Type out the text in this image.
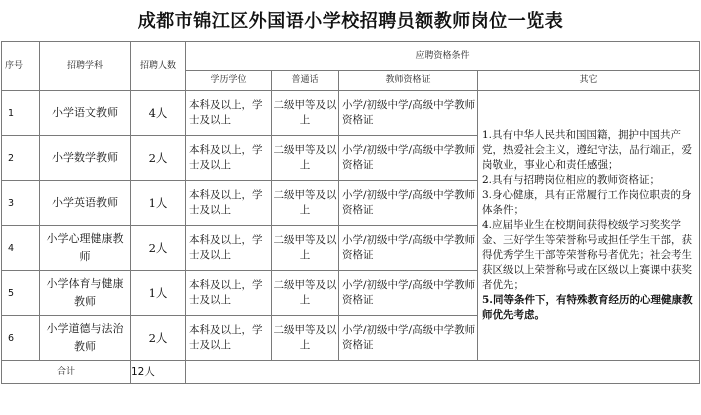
成都市锦江区外国语小学校招聘员额教师岗位一览表
序号	招聘学科	招聘人数	应聘资格条件			
			学历学位	普通话	教师资格证	其它
1	小学语文教师	4人	本科及以上，学士及以上	二级甲等及以上	小学/初级中学/高级中学教师资格证	1.具有中华人民共和国国籍，拥护中国共产党，热爱社会主义，遵纪守法，品行端正，爱岗敬业，事业心和责任感强；
2.具有与招聘岗位相应的教师资格证；
3.身心健康，具有正常履行工作岗位职责的身体条件；
4.应届毕业生在校期间获得校级学习奖奖学金、三好学生等荣誉称号或担任学生干部，获得优秀学生干部等荣誉称号者优先；社会考生获区级以上荣誉称号或在区级以上赛课中获奖者优先；
5.同等条件下，有特殊教育经历的心理健康教师优先考虑。

2	小学数学教师	2人	本科及以上，学士及以上	二级甲等及以上	小学/初级中学/高级中学教师资格证	
3	小学英语教师	1人	本科及以上，学士及以上	二级甲等及以上	小学/初级中学/高级中学教师资格证	
4	小学心理健康教师	2人	本科及以上，学士及以上	二级甲等及以上	小学/初级中学/高级中学教师资格证	
5	小学体育与健康教师	1人	本科及以上，学士及以上	二级甲等及以上	小学/初级中学/高级中学教师资格证	
6	小学道德与法治教师	2人	本科及以上，学士及以上	二级甲等及以上	小学/初级中学/高级中学教师资格证	
合计		12人				
